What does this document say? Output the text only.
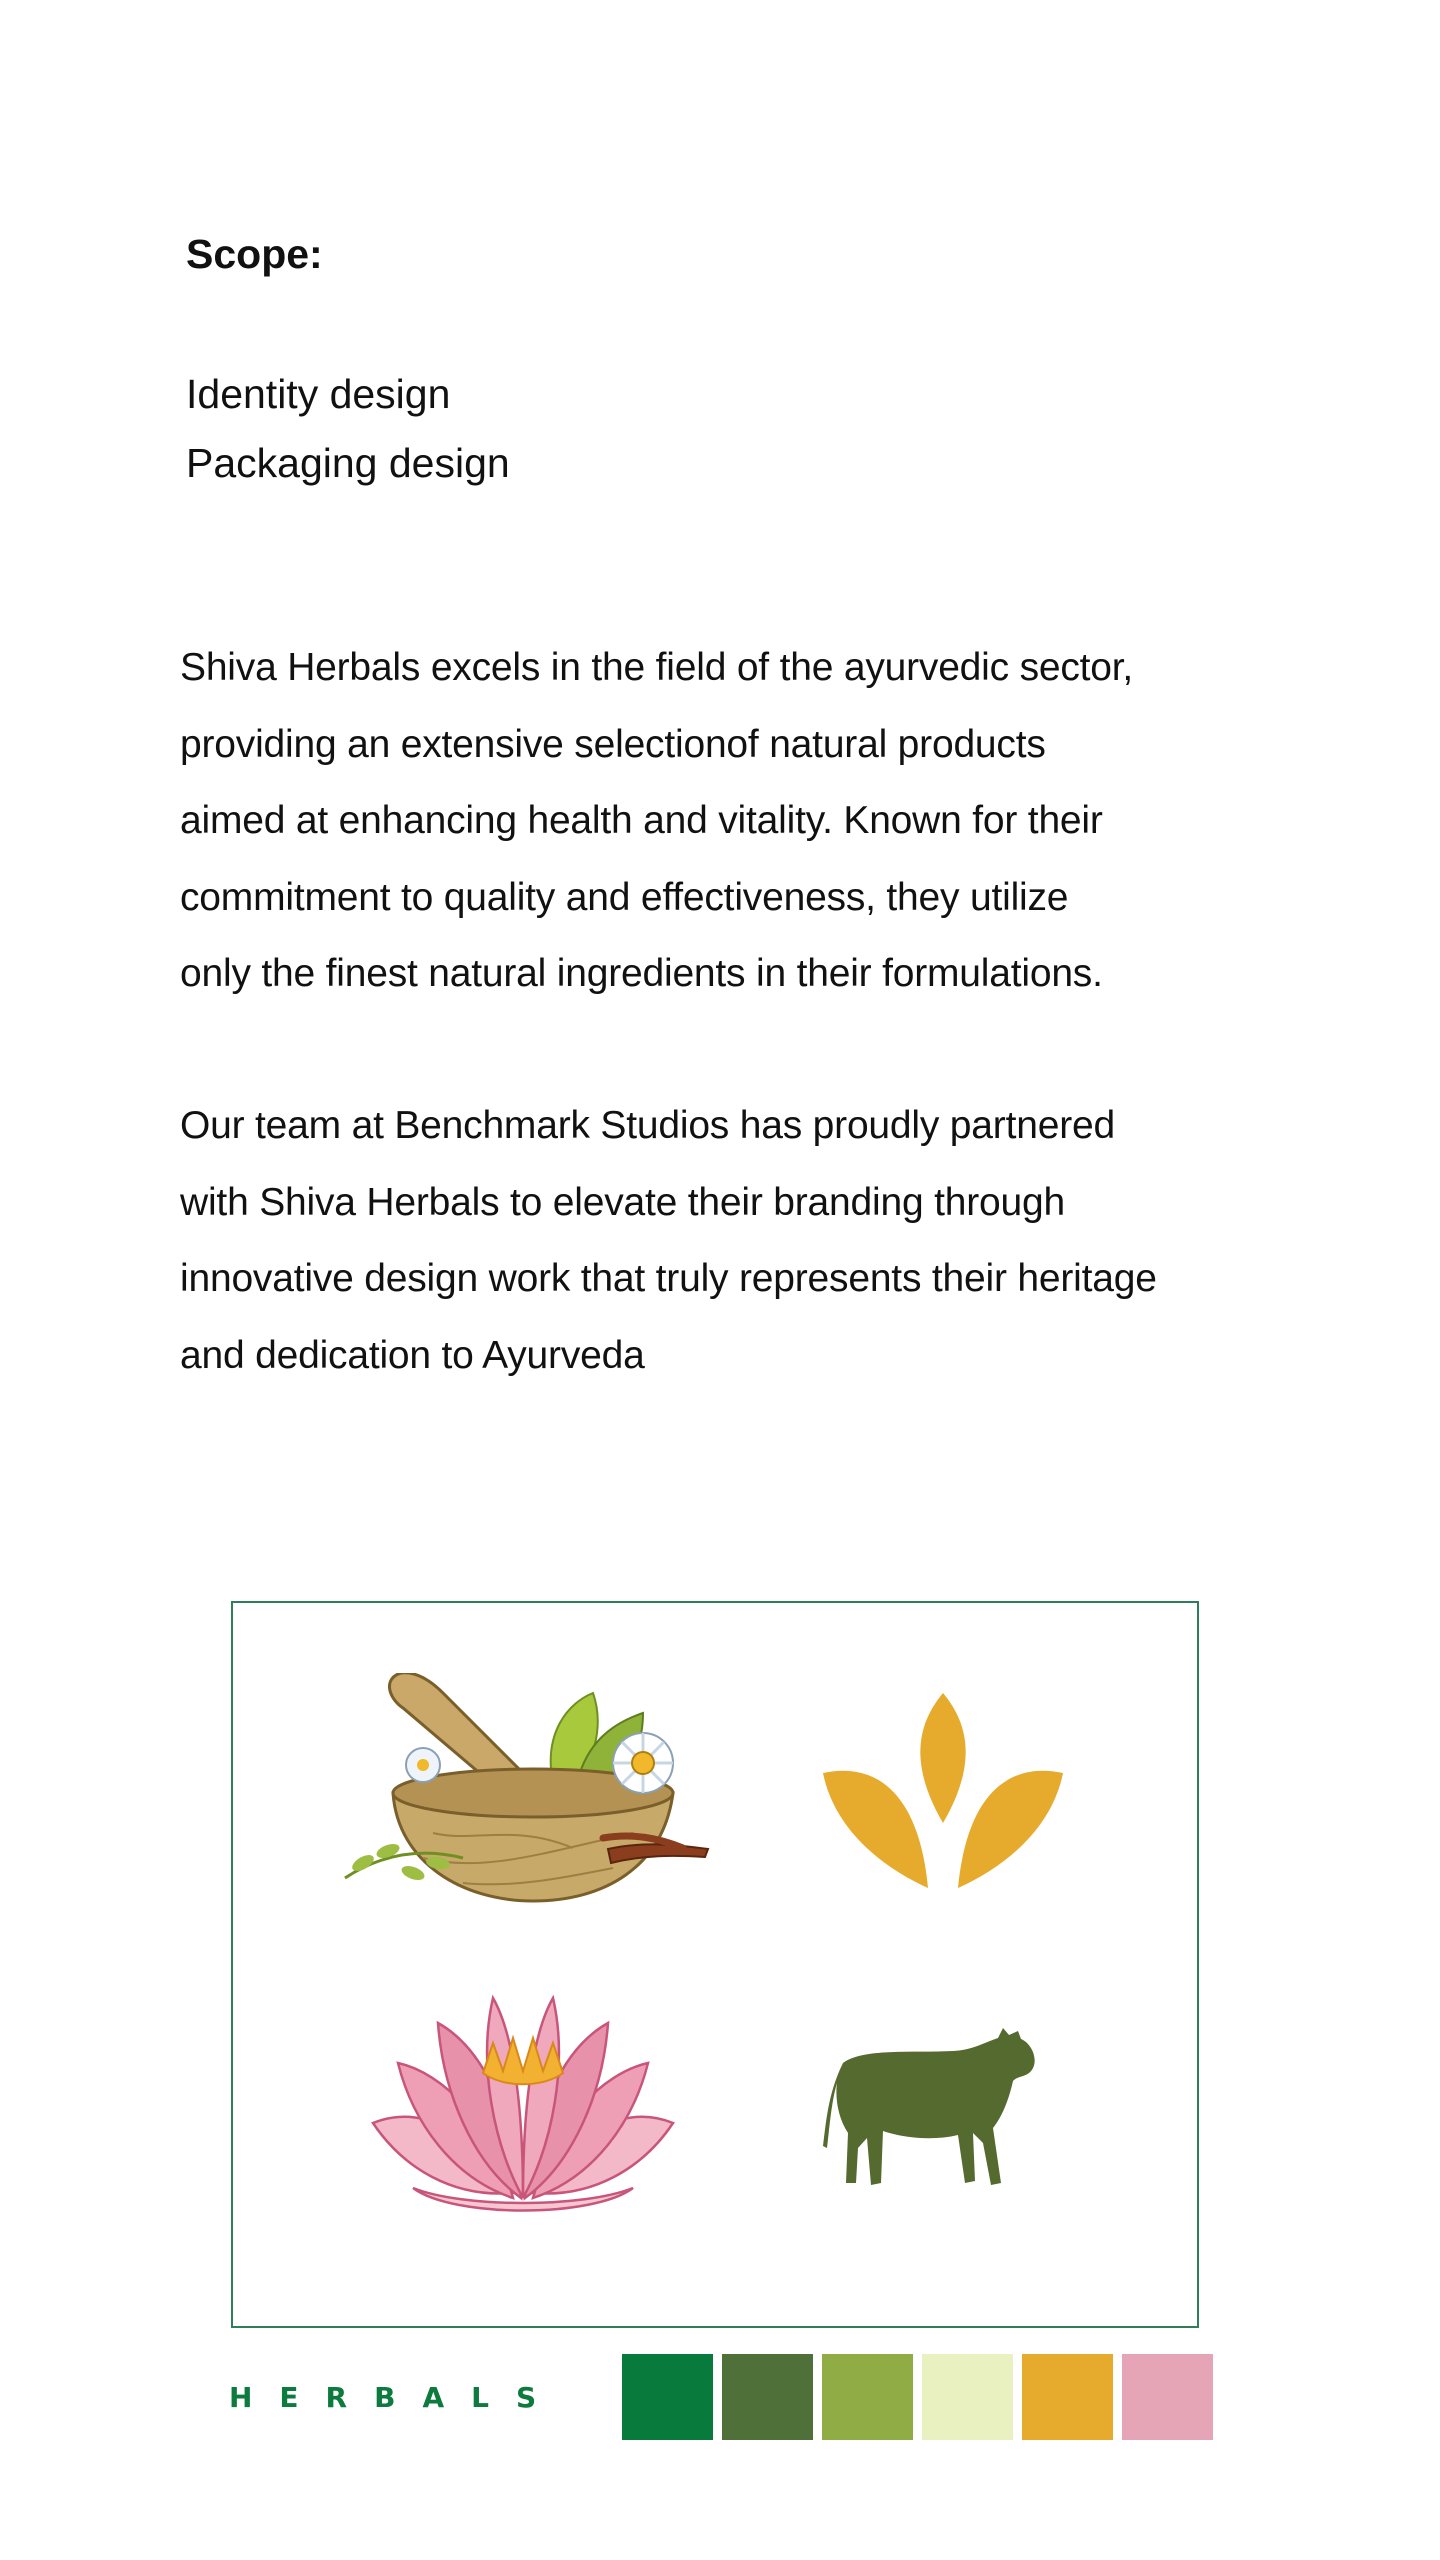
Scope:
Identity design
Packaging design

Shiva Herbals excels in the field of the ayurvedic sector,
providing an extensive selectionof natural products
aimed at enhancing health and vitality. Known for their
commitment to quality and effectiveness, they utilize
only the finest natural ingredients in their formulations.

Our team at Benchmark Studios has proudly partnered
with Shiva Herbals to elevate their branding through
innovative design work that truly represents their heritage
and dedication to Ayurveda

HERBALS
